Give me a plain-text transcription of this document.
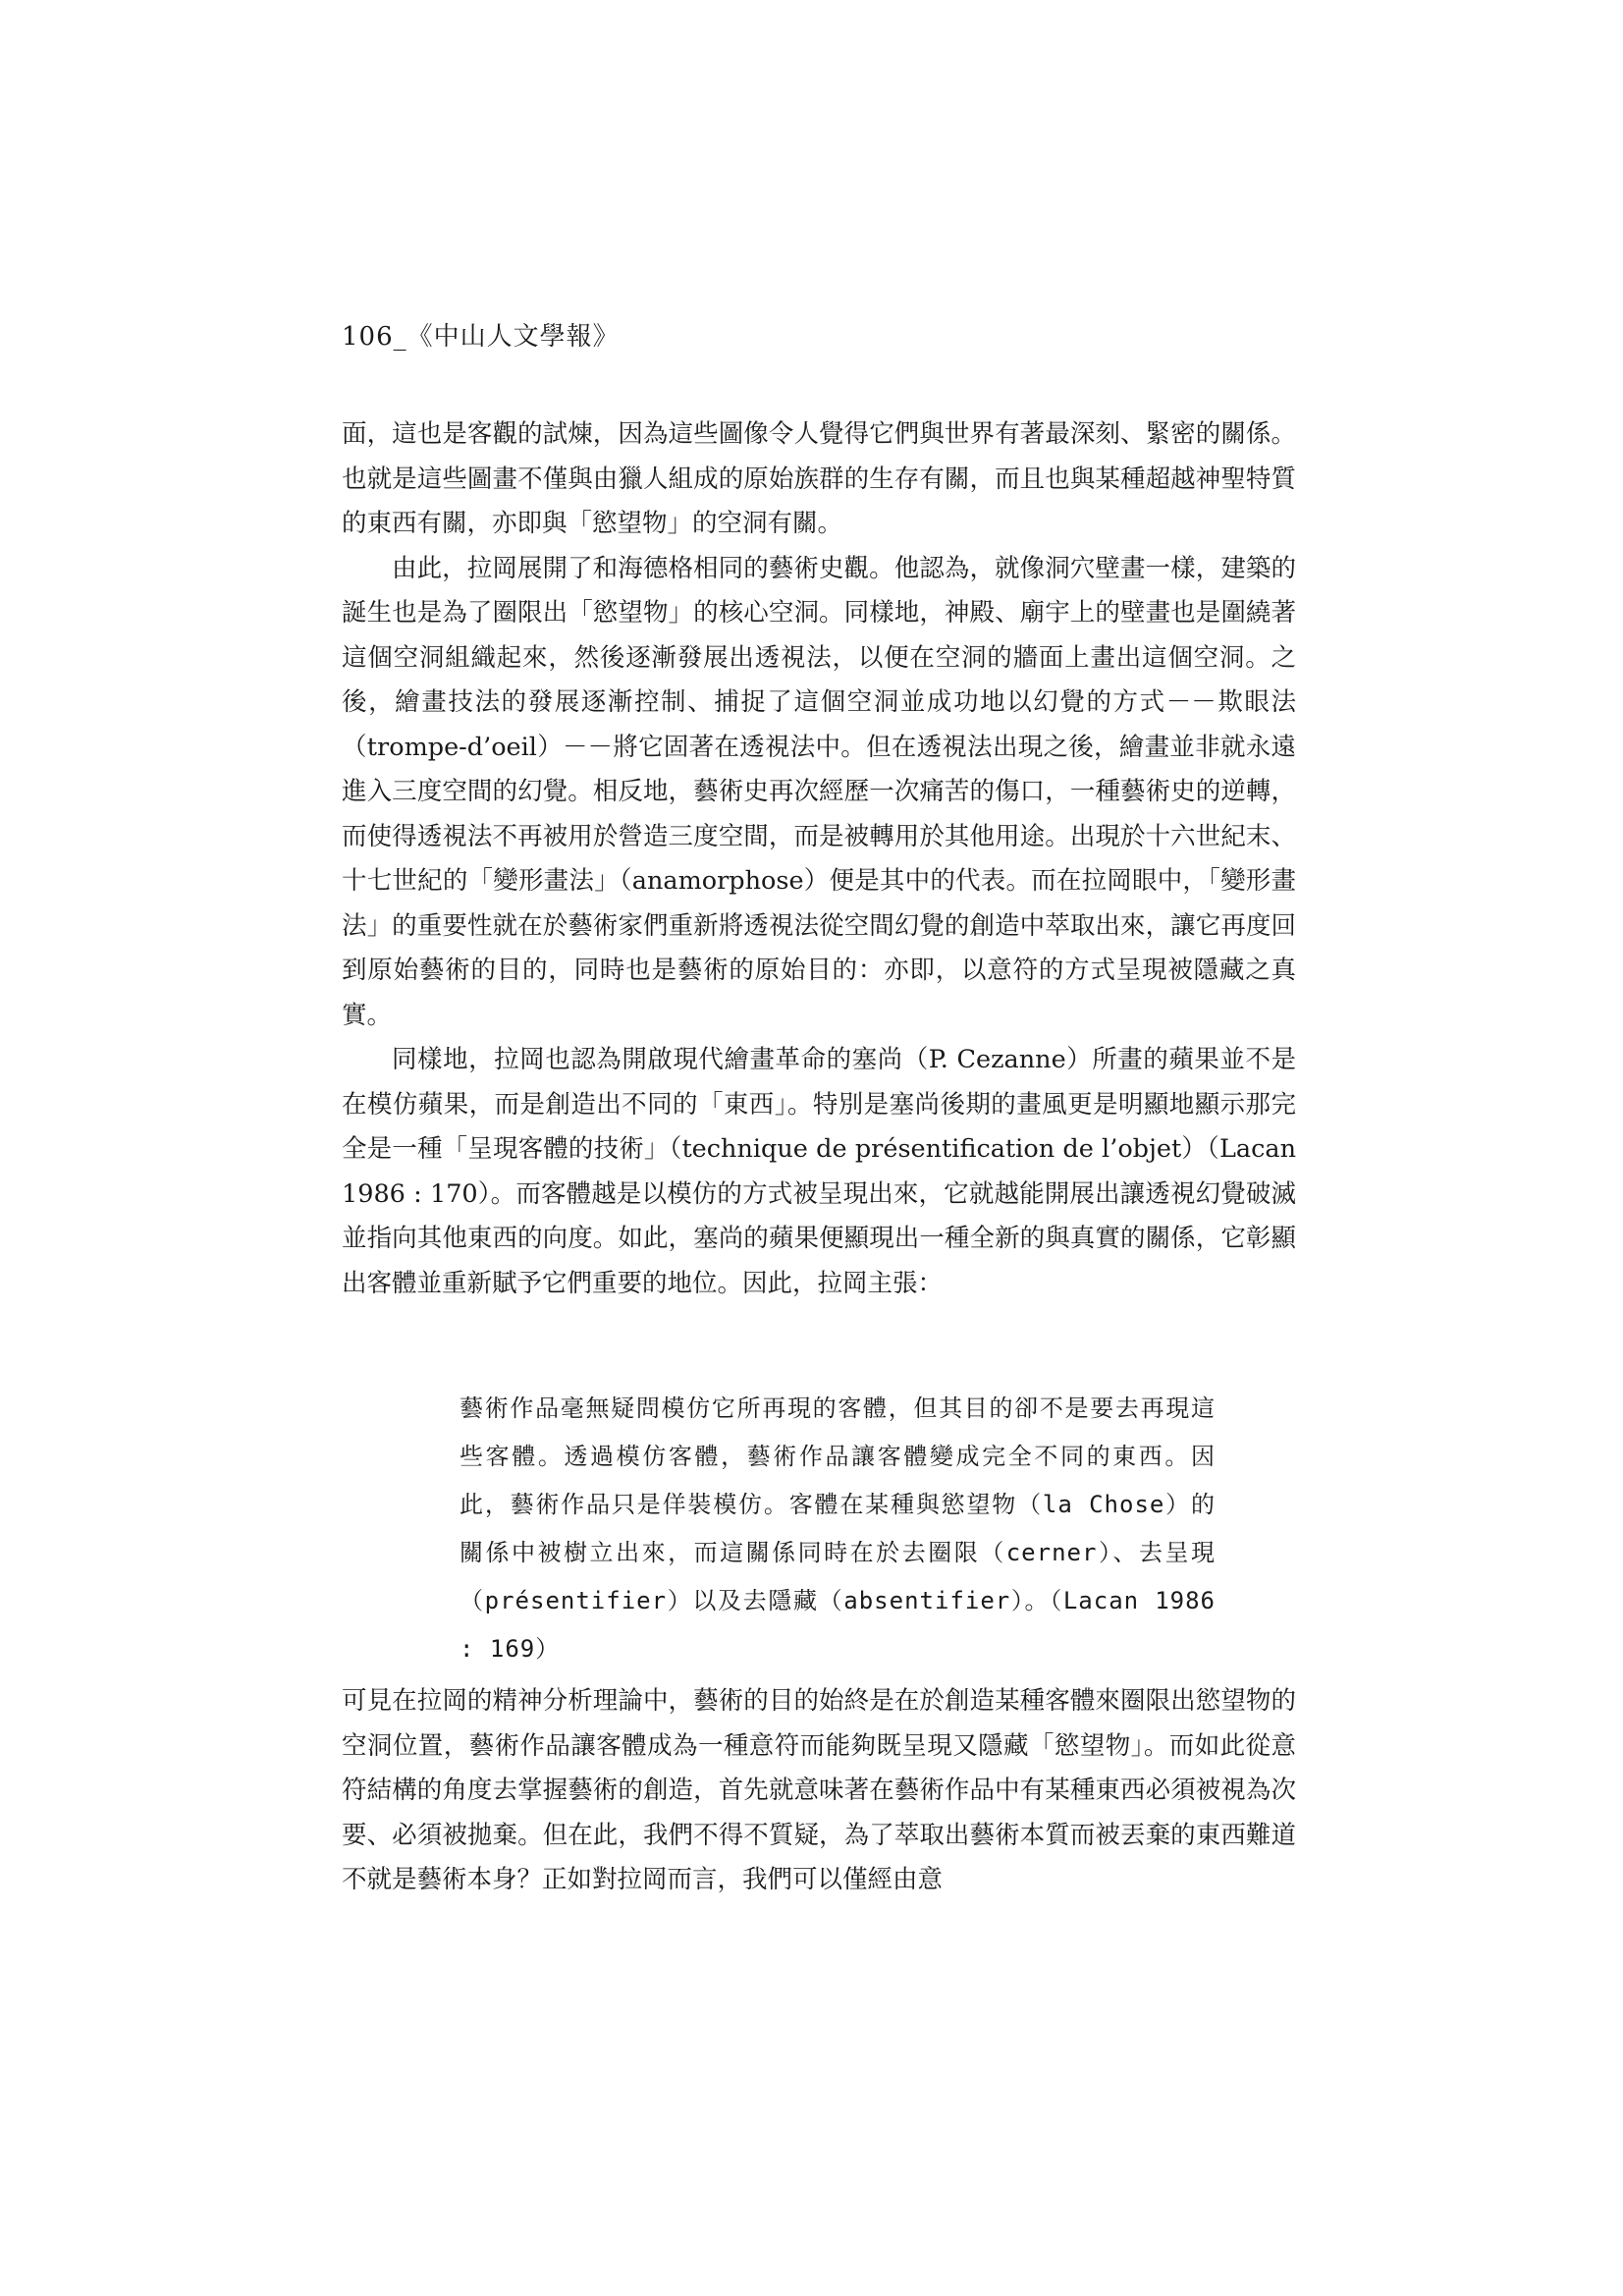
106_《中山人文學報》

面，這也是客觀的試煉，因為這些圖像令人覺得它們與世界有著最深刻、緊密的關係。也就是這些圖畫不僅與由獵人組成的原始族群的生存有關，而且也與某種超越神聖特質的東西有關，亦即與「慾望物」的空洞有關。

由此，拉岡展開了和海德格相同的藝術史觀。他認為，就像洞穴壁畫一樣，建築的誕生也是為了圈限出「慾望物」的核心空洞。同樣地，神殿、廟宇上的壁畫也是圍繞著這個空洞組織起來，然後逐漸發展出透視法，以便在空洞的牆面上畫出這個空洞。之後，繪畫技法的發展逐漸控制、捕捉了這個空洞並成功地以幻覺的方式－－欺眼法（trompe-d’oeil）－－將它固著在透視法中。但在透視法出現之後，繪畫並非就永遠進入三度空間的幻覺。相反地，藝術史再次經歷一次痛苦的傷口，一種藝術史的逆轉，而使得透視法不再被用於營造三度空間，而是被轉用於其他用途。出現於十六世紀末、十七世紀的「變形畫法」（anamorphose）便是其中的代表。而在拉岡眼中，「變形畫法」的重要性就在於藝術家們重新將透視法從空間幻覺的創造中萃取出來，讓它再度回到原始藝術的目的，同時也是藝術的原始目的：亦即，以意符的方式呈現被隱藏之真實。

同樣地，拉岡也認為開啟現代繪畫革命的塞尚（P. Cezanne）所畫的蘋果並不是在模仿蘋果，而是創造出不同的「東西」。特別是塞尚後期的畫風更是明顯地顯示那完全是一種「呈現客體的技術」（technique de présentification de l’objet）（Lacan 1986 : 170）。而客體越是以模仿的方式被呈現出來，它就越能開展出讓透視幻覺破滅並指向其他東西的向度。如此，塞尚的蘋果便顯現出一種全新的與真實的關係，它彰顯出客體並重新賦予它們重要的地位。因此，拉岡主張：

藝術作品毫無疑問模仿它所再現的客體，但其目的卻不是要去再現這些客體。透過模仿客體，藝術作品讓客體變成完全不同的東西。因此，藝術作品只是佯裝模仿。客體在某種與慾望物（la Chose）的關係中被樹立出來，而這關係同時在於去圈限（cerner）、去呈現（présentifier）以及去隱藏（absentifier）。（Lacan 1986 : 169）

可見在拉岡的精神分析理論中，藝術的目的始終是在於創造某種客體來圈限出慾望物的空洞位置，藝術作品讓客體成為一種意符而能夠既呈現又隱藏「慾望物」。而如此從意符結構的角度去掌握藝術的創造，首先就意味著在藝術作品中有某種東西必須被視為次要、必須被拋棄。但在此，我們不得不質疑，為了萃取出藝術本質而被丟棄的東西難道不就是藝術本身？正如對拉岡而言，我們可以僅經由意
